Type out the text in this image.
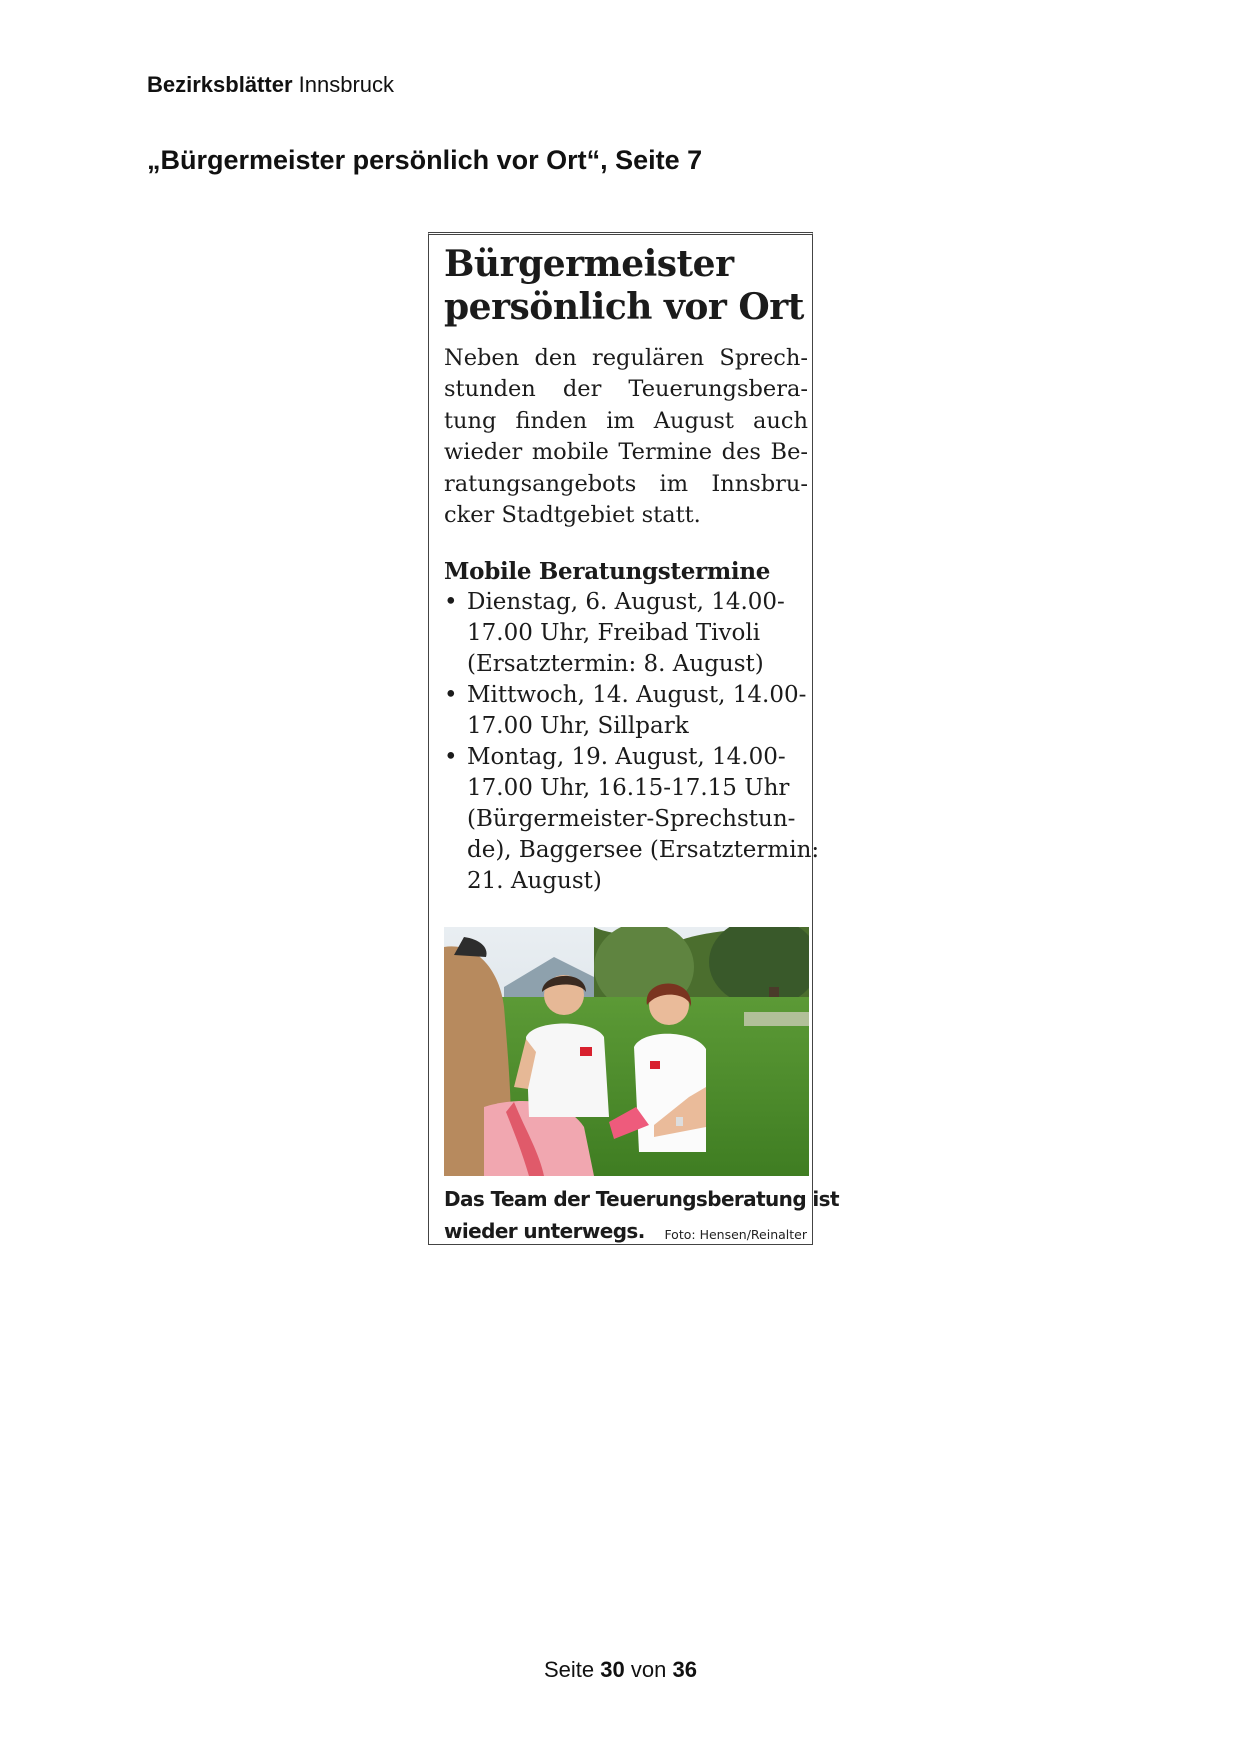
Bezirksblätter Innsbruck
„Bürgermeister persönlich vor Ort“, Seite 7
Bürgermeister
persönlich vor Ort
Neben den regulären Sprech-
stunden der Teuerungsbera-
tung finden im August auch
wieder mobile Termine des Be-
ratungsangebots im Innsbru-
cker Stadtgebiet statt.
Mobile Beratungstermine
• Dienstag, 6. August, 14.00-
17.00 Uhr, Freibad Tivoli
(Ersatztermin: 8. August)
• Mittwoch, 14. August, 14.00-
17.00 Uhr, Sillpark
• Montag, 19. August, 14.00-
17.00 Uhr, 16.15-17.15 Uhr
(Bürgermeister-Sprechstun-
de), Baggersee (Ersatztermin:
21. August)
Das Team der Teuerungsberatung ist
wieder unterwegs.	Foto: Hensen/Reinalter
Seite 30 von 36
